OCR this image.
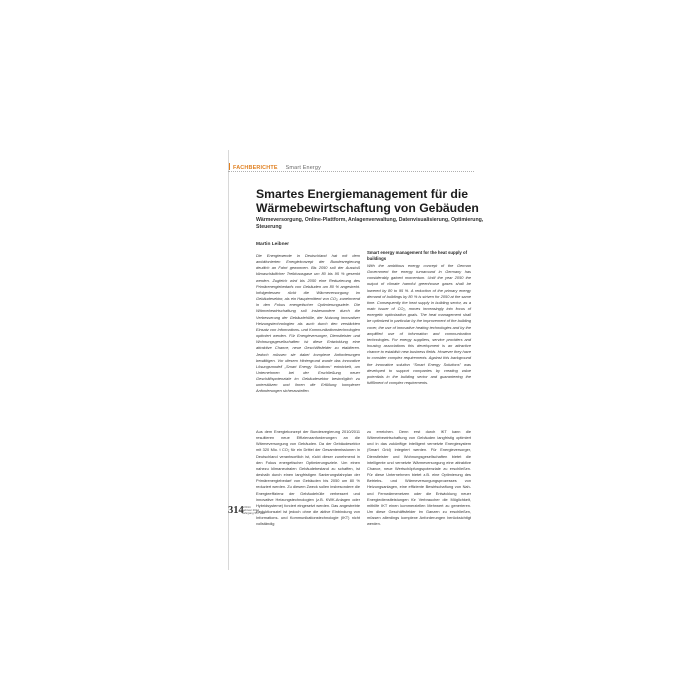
FACHBERICHTE Smart Energy
Smartes Energiemanagement für die Wärmebewirtschaftung von Gebäuden

Wärmeversorgung, Online-Plattform, Anlagenverwaltung, Datenvisualisierung, Optimierung, Steuerung

Martin Leibner

Die Energiewende in Deutschland hat mit dem ambitionierten Energiekonzept der Bundesregierung deutlich an Fahrt gewonnen. Bis 2050 soll der Ausstoß klimaschädlicher Treibhausgase um 80 bis 95 % gesenkt werden. Zugleich wird bis 2050 eine Reduzierung des Primärenergiebedarfs von Gebäuden um 80 % angestrebt. Infolgedessen rückt die Wärmeversorgung im Gebäudesektor, als ein Hauptemittent von CO₂, zunehmend in den Fokus energetischer Optimierungsziele. Die Wärmebewirtschaftung soll insbesondere durch die Verbesserung der Gebäudehülle, der Nutzung innovativer Heizungstechnologien als auch durch den verstärkten Einsatz von Informations- und Kommunikationstechnologien optimiert werden. Für Energieversorger, Dienstleister und Wohnungsgesellschaften ist diese Entwicklung eine attraktive Chance, neue Geschäftsfelder zu etablieren. Jedoch müssen sie dabei komplexe Anforderungen bewältigen. Vor diesem Hintergrund wurde das innovative Lösungsmodell „Smart Energy Solutions“ entwickelt, um Unternehmen bei der Erschließung neuer Geschäftspotenziale im Gebäudesektor bestmöglich zu unterstützen und ihnen die Erfüllung komplexer Anforderungen sicherzustellen.

Smart energy management for the heat supply of buildings

With the ambitious energy concept of the German Government the energy turnaround in Germany has considerably gained momentum. Until the year 2050 the output of climate harmful greenhouse gases shall be lowered by 80 to 95 %. A reduction of the primary energy demand of buildings by 80 % is striven for 2050 at the same time. Consequently the heat supply in building sector, as a main issuer of CO₂, moves increasingly into focus of energetic optimization goals. The heat management shall be optimized in particular by the improvement of the building cover, the use of innovative heating technologies and by the amplified use of information and communication technologies. For energy suppliers, service providers and housing associations this development is an attractive chance to establish new business fields. However they have to consider complex requirements. Against this background the innovative solution “Smart Energy Solutions” was developed to support companies by creating value potentials in the building sector and guaranteeing the fulfillment of complex requirements.

Aus dem Energiekonzept der Bundesregierung 2010/2011 resultieren neue Effizienzanforderungen an die Wärmeversorgung von Gebäuden. Da der Gebäudesektor mit 320 Mio. t CO₂ für ein Drittel der Gesamtemissionen in Deutschland verantwortlich ist, rückt dieser zunehmend in den Fokus energetischer Optimierungsziele. Um einen nahezu klimaneutralen Gebäudebestand zu schaffen, ist deshalb durch einen langfristigen Sanierungsfahrplan der Primärenergiebedarf von Gebäuden bis 2050 um 80 % reduziert werden. Zu diesem Zweck sollen insbesondere die Energieeffizienz der Gebäudehülle verbessert und innovative Heizungstechnologien (z.B. KWK-Anlagen oder Hybridsysteme) forciert eingesetzt werden. Das angestrebte Reduktionsziel ist jedoch ohne die aktive Einbindung von Informations- und Kommunikationstechnologie (IKT) nicht vollständig

zu erreichen. Denn erst durch IKT kann die Wärmebewirtschaftung von Gebäuden langfristig optimiert und in das zukünftige intelligent vernetzte Energiesystem (Smart Grid) integriert werden. Für Energieversorger, Dienstleister und Wohnungsgesellschaften bietet die intelligente und vernetzte Wärmeversorgung eine attraktive Chance, neue Wertschöpfungspotenziale zu erschließen. Für diese Unternehmen bietet z.B. eine Optimierung des Betriebs- und Wärmeversorgungsprozesses von Heizungsanlagen, eine effiziente Bewirtschaftung von Nah- und Fernwärmenetzen oder die Entwicklung neuer Energiedienstleistungen für Verbraucher die Möglichkeit, mithilfe IKT einen kommerziellen Mehrwert zu generieren. Um diese Geschäftsfelder im Ganzen zu erschließen, müssen allerdings komplexe Anforderungen berücksichtigt werden.

314
6/2014
Februar 2014
Jahrgang 55 / Heft
